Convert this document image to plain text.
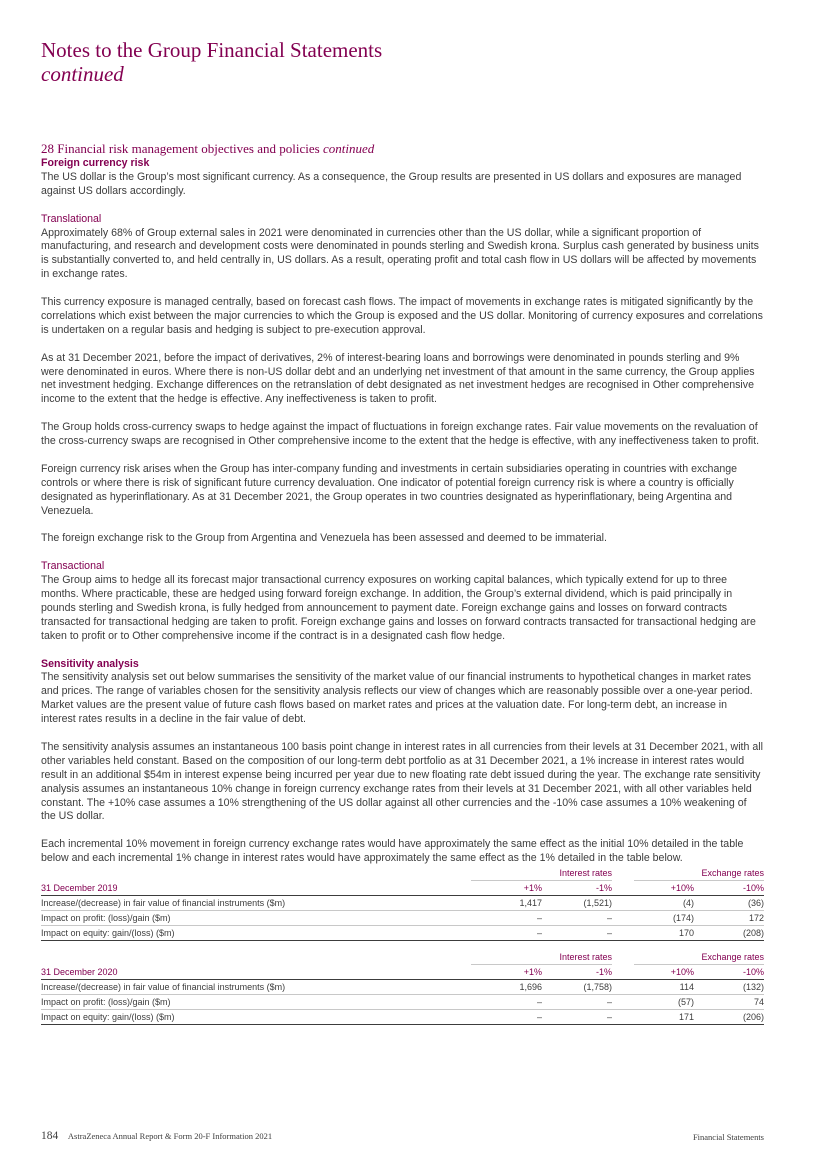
Notes to the Group Financial Statements
continued
28 Financial risk management objectives and policies continued
Foreign currency risk

The US dollar is the Group’s most significant currency. As a consequence, the Group results are presented in US dollars and exposures are managed against US dollars accordingly.

Translational

Approximately 68% of Group external sales in 2021 were denominated in currencies other than the US dollar, while a significant proportion of manufacturing, and research and development costs were denominated in pounds sterling and Swedish krona. Surplus cash generated by business units is substantially converted to, and held centrally in, US dollars. As a result, operating profit and total cash flow in US dollars will be affected by movements in exchange rates.

This currency exposure is managed centrally, based on forecast cash flows. The impact of movements in exchange rates is mitigated significantly by the correlations which exist between the major currencies to which the Group is exposed and the US dollar. Monitoring of currency exposures and correlations is undertaken on a regular basis and hedging is subject to pre-execution approval.

As at 31 December 2021, before the impact of derivatives, 2% of interest-bearing loans and borrowings were denominated in pounds sterling and 9% were denominated in euros. Where there is non-US dollar debt and an underlying net investment of that amount in the same currency, the Group applies net investment hedging. Exchange differences on the retranslation of debt designated as net investment hedges are recognised in Other comprehensive income to the extent that the hedge is effective. Any ineffectiveness is taken to profit.

The Group holds cross-currency swaps to hedge against the impact of fluctuations in foreign exchange rates. Fair value movements on the revaluation of the cross-currency swaps are recognised in Other comprehensive income to the extent that the hedge is effective, with any ineffectiveness taken to profit.

Foreign currency risk arises when the Group has inter-company funding and investments in certain subsidiaries operating in countries with exchange controls or where there is risk of significant future currency devaluation. One indicator of potential foreign currency risk is where a country is officially designated as hyperinflationary. As at 31 December 2021, the Group operates in two countries designated as hyperinflationary, being Argentina and Venezuela.

The foreign exchange risk to the Group from Argentina and Venezuela has been assessed and deemed to be immaterial.

Transactional

The Group aims to hedge all its forecast major transactional currency exposures on working capital balances, which typically extend for up to three months. Where practicable, these are hedged using forward foreign exchange. In addition, the Group’s external dividend, which is paid principally in pounds sterling and Swedish krona, is fully hedged from announcement to payment date. Foreign exchange gains and losses on forward contracts transacted for transactional hedging are taken to profit. Foreign exchange gains and losses on forward contracts transacted for transactional hedging are taken to profit or to Other comprehensive income if the contract is in a designated cash flow hedge.

Sensitivity analysis

The sensitivity analysis set out below summarises the sensitivity of the market value of our financial instruments to hypothetical changes in market rates and prices. The range of variables chosen for the sensitivity analysis reflects our view of changes which are reasonably possible over a one-year period. Market values are the present value of future cash flows based on market rates and prices at the valuation date. For long-term debt, an increase in interest rates results in a decline in the fair value of debt.

The sensitivity analysis assumes an instantaneous 100 basis point change in interest rates in all currencies from their levels at 31 December 2021, with all other variables held constant. Based on the composition of our long-term debt portfolio as at 31 December 2021, a 1% increase in interest rates would result in an additional $54m in interest expense being incurred per year due to new floating rate debt issued during the year. The exchange rate sensitivity analysis assumes an instantaneous 10% change in foreign currency exchange rates from their levels at 31 December 2021, with all other variables held constant. The +10% case assumes a 10% strengthening of the US dollar against all other currencies and the -10% case assumes a 10% weakening of the US dollar.

Each incremental 10% movement in foreign currency exchange rates would have approximately the same effect as the initial 10% detailed in the table below and each incremental 1% change in interest rates would have approximately the same effect as the 1% detailed in the table below.

	Interest rates			Exchange rates	
31 December 2019	+1%	-1%		+10%	-10%
Increase/(decrease) in fair value of financial instruments ($m)	1,417	(1,521)		(4)	(36)
Impact on profit: (loss)/gain ($m)	–	–		(174)	172
Impact on equity: gain/(loss) ($m)	–	–		170	(208)
	Interest rates			Exchange rates	
31 December 2020	+1%	-1%		+10%	-10%
Increase/(decrease) in fair value of financial instruments ($m)	1,696	(1,758)		114	(132)
Impact on profit: (loss)/gain ($m)	–	–		(57)	74
Impact on equity: gain/(loss) ($m)	–	–		171	(206)
184 AstraZeneca Annual Report & Form 20-F Information 2021	Financial Statements
